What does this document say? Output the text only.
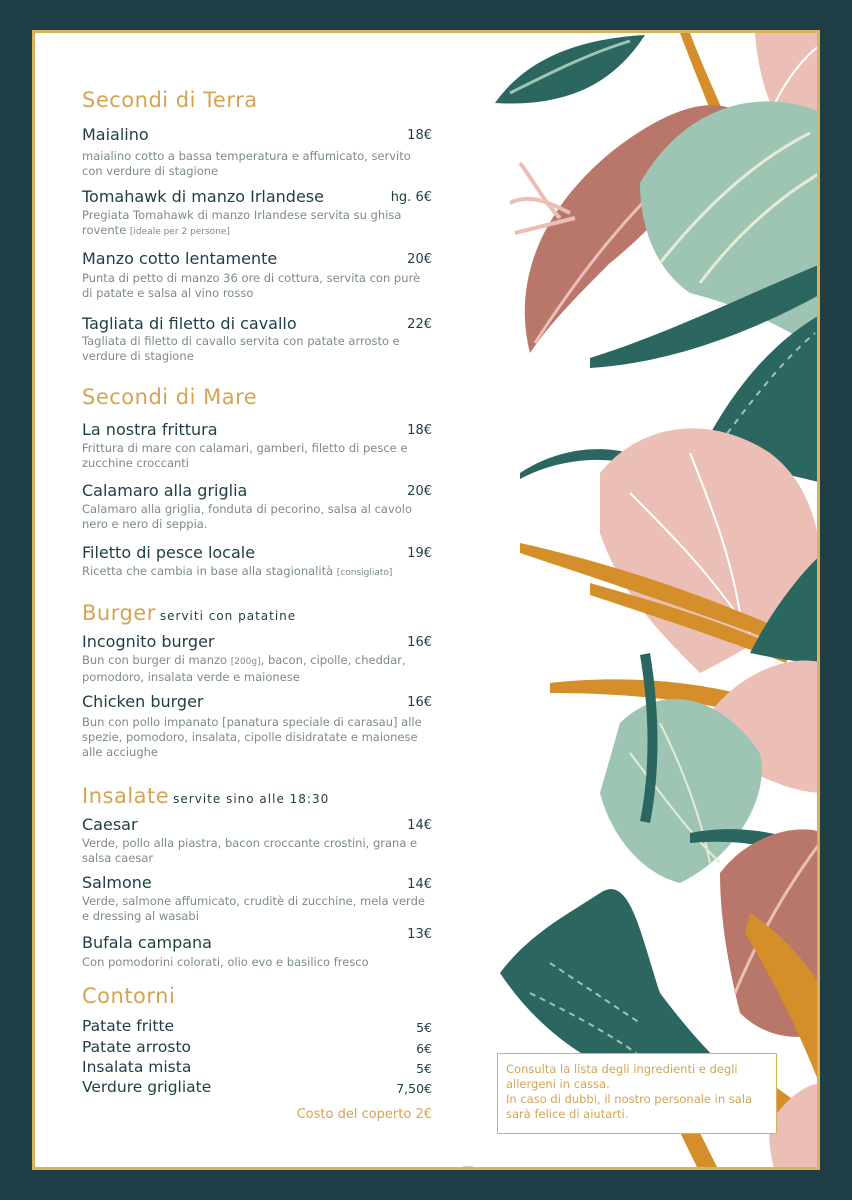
Secondi di Terra
Maialino	18€
maialino cotto a bassa temperatura e affumicato, servito con verdure di stagione
Tomahawk di manzo Irlandese	hg. 6€
Pregiata Tomahawk di manzo Irlandese servita su ghisa rovente [ideale per 2 persone]
Manzo cotto lentamente	20€
Punta di petto di manzo 36 ore di cottura, servita con purè di patate e salsa al vino rosso
Tagliata di filetto di cavallo	22€
Tagliata di filetto di cavallo servita con patate arrosto e verdure di stagione
Secondi di Mare
La nostra frittura	18€
Frittura di mare con calamari, gamberi, filetto di pesce e zucchine croccanti
Calamaro alla griglia	20€
Calamaro alla griglia, fonduta di pecorino, salsa al cavolo nero e nero di seppia.
Filetto di pesce locale	19€
Ricetta che cambia in base alla stagionalità [consigliato]
Burger serviti con patatine
Incognito burger	16€
Bun con burger di manzo [200g], bacon, cipolle, cheddar, pomodoro, insalata verde e maionese
Chicken burger	16€
Bun con pollo impanato [panatura speciale di carasau] alle spezie, pomodoro, insalata, cipolle disidratate e maionese alle acciughe
Insalate servite sino alle 18:30
Caesar	14€
Verde, pollo alla piastra, bacon croccante crostini, grana e salsa caesar
Salmone	14€
Verde, salmone affumicato, cruditè di zucchine, mela verde e dressing al wasabi
Bufala campana	13€
Con pomodorini colorati, olio evo e basilico fresco
Contorni
Patate fritte	5€
Patate arrosto	6€
Insalata mista	5€
Verdure grigliate	7,50€
Costo del coperto 2€
Consulta la lista degli ingredienti e degli allergeni in cassa.
In caso di dubbi, il nostro personale in sala sarà felice di aiutarti.
